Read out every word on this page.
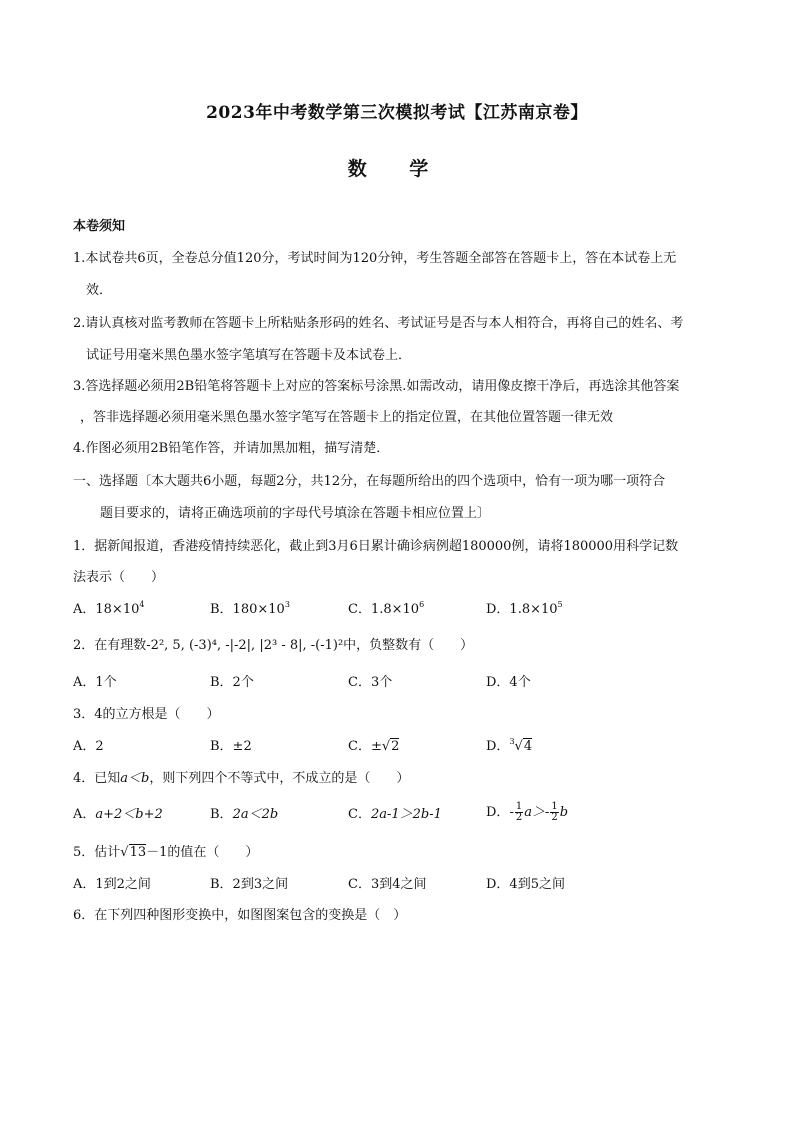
2023年中考数学第三次模拟考试【江苏南京卷】
数 学
本卷须知
1.本试卷共6页，全卷总分值120分，考试时间为120分钟，考生答题全部答在答题卡上，答在本试卷上无
效．
2.请认真核对监考教师在答题卡上所粘贴条形码的姓名、考试证号是否与本人相符合，再将自己的姓名、考
试证号用毫米黑色墨水签字笔填写在答题卡及本试卷上．
3.答选择题必须用2B铅笔将答题卡上对应的答案标号涂黑.如需改动，请用像皮擦干净后，再选涂其他答案
，答非选择题必须用毫米黑色墨水签字笔写在答题卡上的指定位置，在其他位置答题一律无效
4.作图必须用2B铅笔作答，并请加黑加粗，描写清楚．
一、选择题〔本大题共6小题，每题2分，共12分，在每题所给出的四个选项中，恰有一项为哪一项符合
题目要求的，请将正确选项前的字母代号填涂在答题卡相应位置上〕
1．据新闻报道，香港疫情持续恶化，截止到3月6日累计确诊病例超180000例，请将180000用科学记数
法表示（　　）
A．$18\times 10^4$	B．$180\times 10^3$	C．$1.8\times 10^6$	D．$1.8\times 10^5$
2．在有理数-2², 5, (-3)⁴, -|-2|, |2³ - 8|, -(-1)²中，负整数有（　　）
A．1个	B．2个	C．3个	D．4个
3．4的立方根是（　　）
A．2	B．±2	C．±√2	D．$^3$√4
4．已知a＜b，则下列四个不等式中，不成立的是（　　）
A．a+2＜b+2	B．2a＜2b	C．2a-1＞2b-1	D．- $\frac{1}{2} a>- \frac{1}{2}$ b
5．估计√13－1的值在（　　）
A．1到2之间	B．2到3之间	C．3到4之间	D．4到5之间
6．在下列四种图形变换中，如图图案包含的变换是（　）
